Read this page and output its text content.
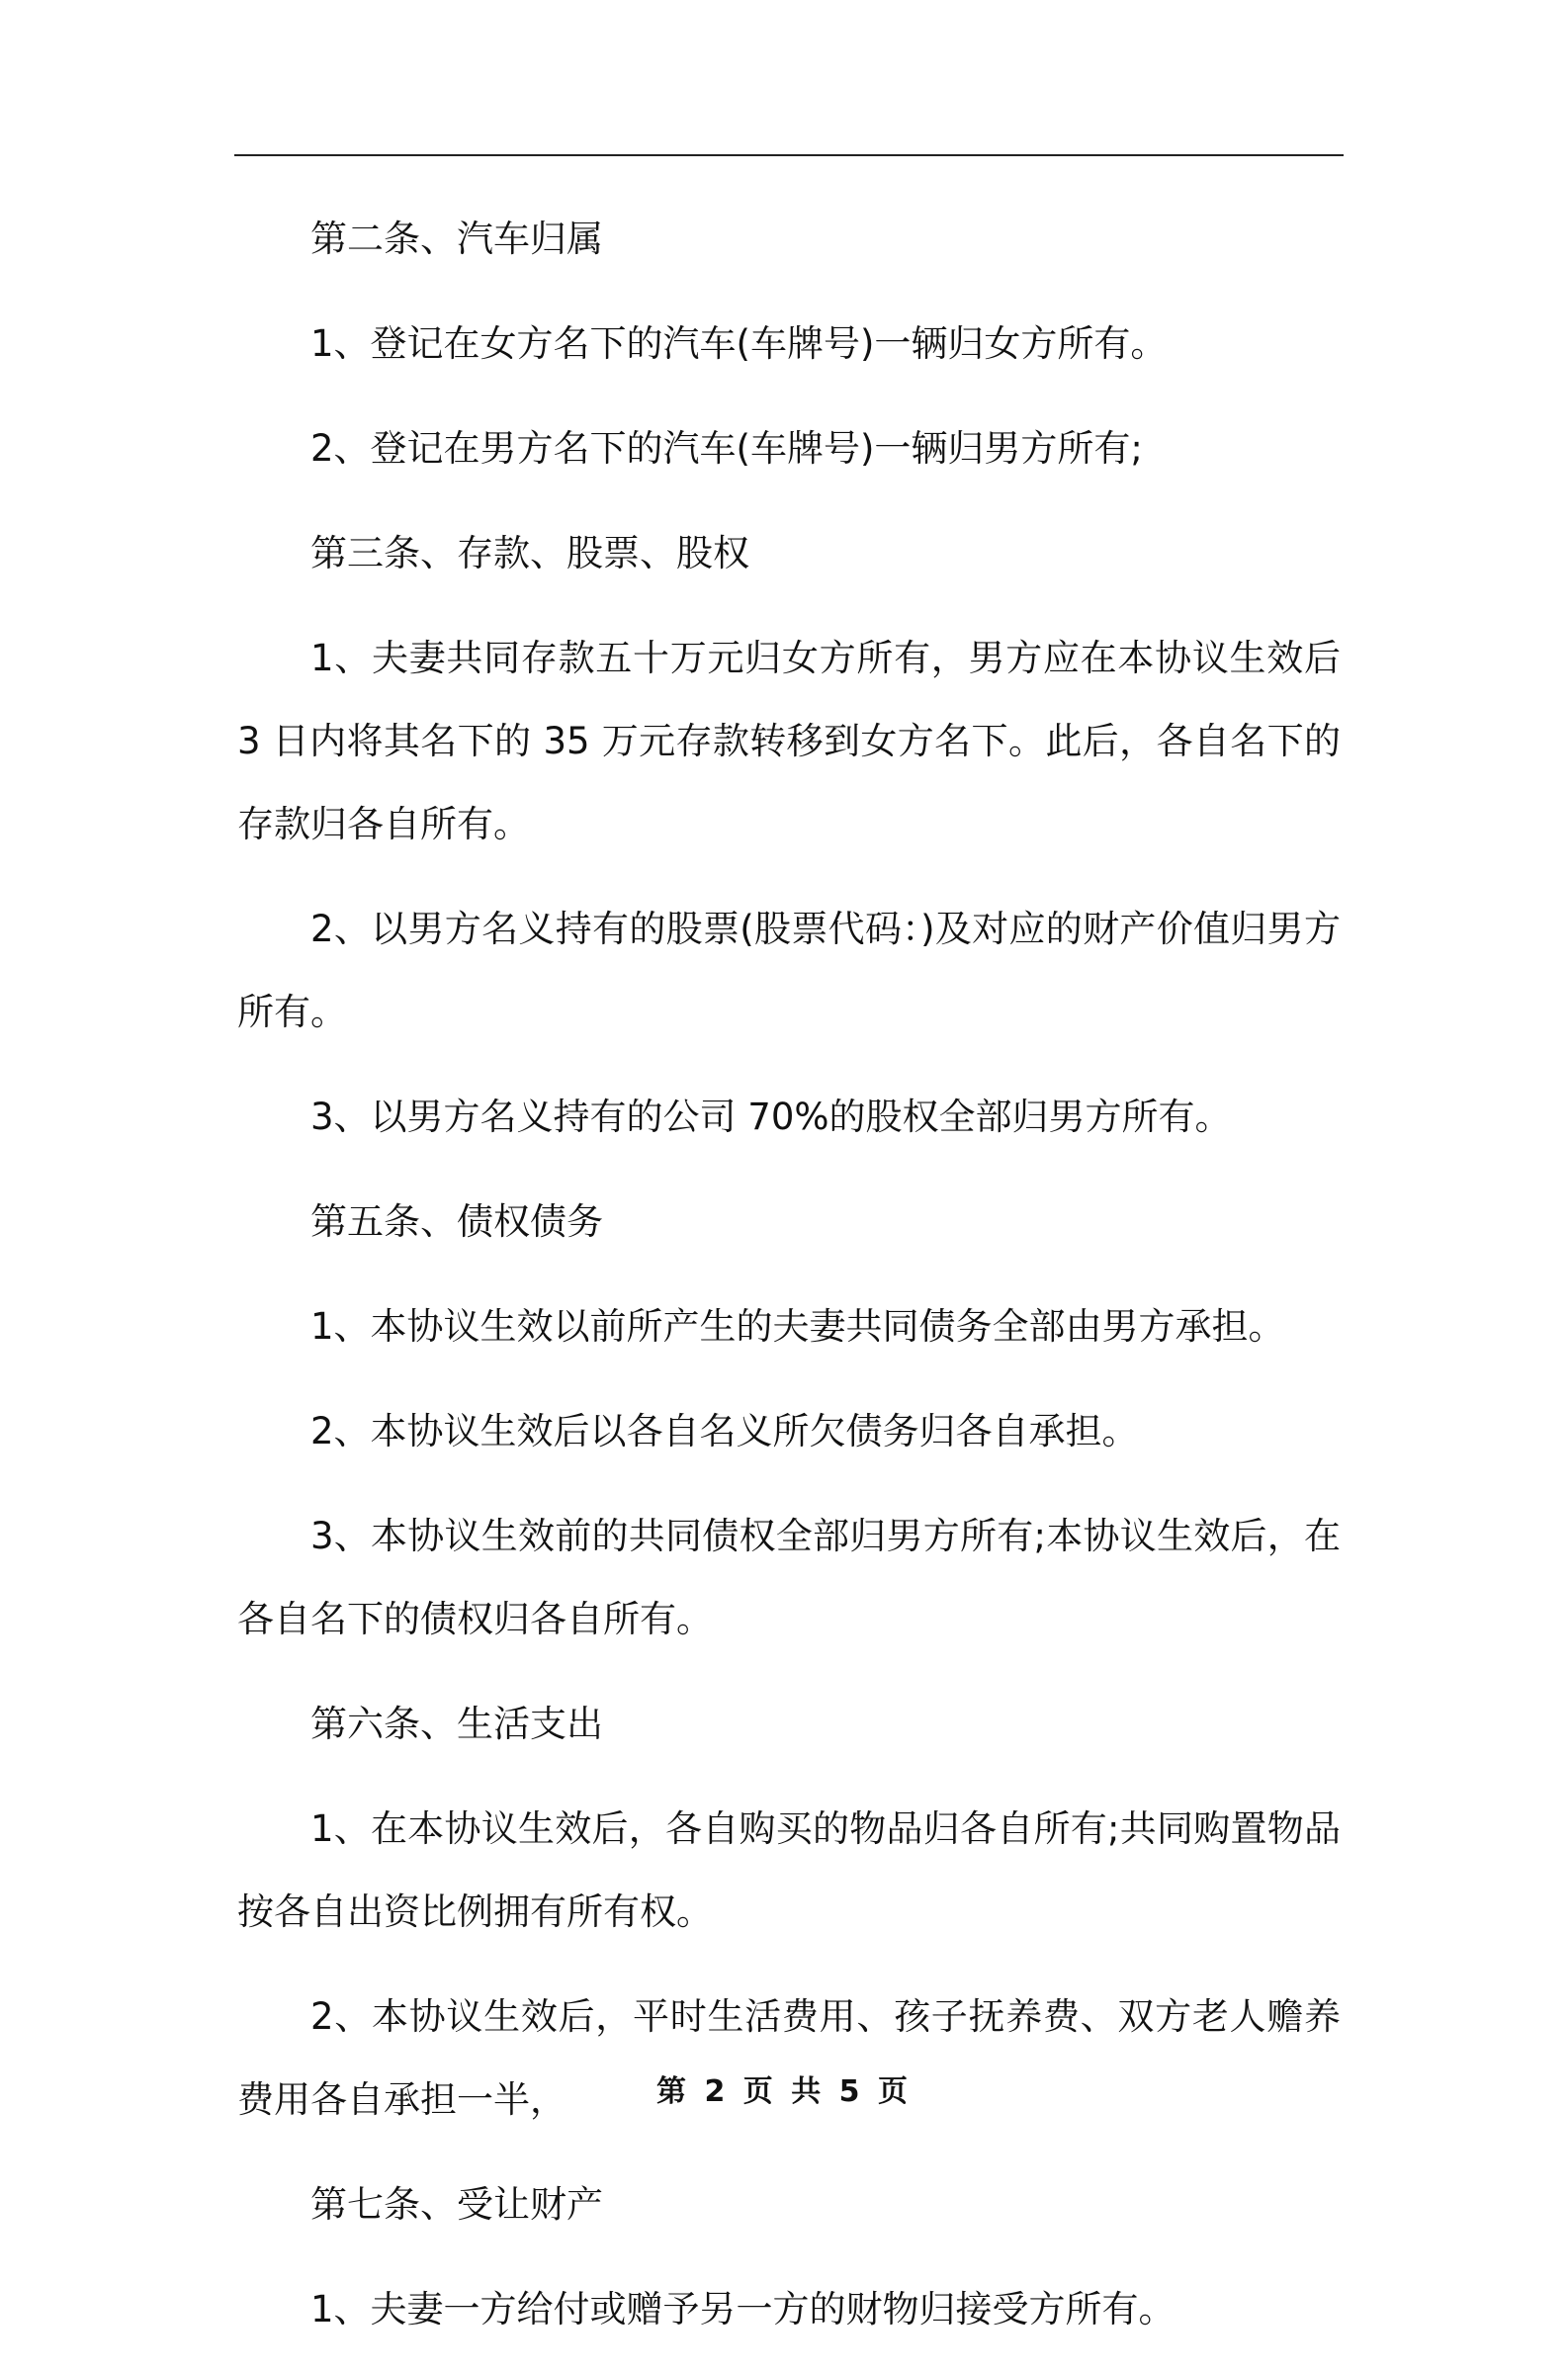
第二条、汽车归属

1、登记在女方名下的汽车(车牌号)一辆归女方所有。

2、登记在男方名下的汽车(车牌号)一辆归男方所有;

第三条、存款、股票、股权

1、夫妻共同存款五十万元归女方所有，男方应在本协议生效后 3 日内将其名下的 35 万元存款转移到女方名下。此后，各自名下的存款归各自所有。

2、以男方名义持有的股票(股票代码：)及对应的财产价值归男方所有。

3、以男方名义持有的公司 70%的股权全部归男方所有。

第五条、债权债务

1、本协议生效以前所产生的夫妻共同债务全部由男方承担。

2、本协议生效后以各自名义所欠债务归各自承担。

3、本协议生效前的共同债权全部归男方所有;本协议生效后，在各自名下的债权归各自所有。

第六条、生活支出

1、在本协议生效后，各自购买的物品归各自所有;共同购置物品按各自出资比例拥有所有权。

2、本协议生效后，平时生活费用、孩子抚养费、双方老人赡养费用各自承担一半，

第七条、受让财产

1、夫妻一方给付或赠予另一方的财物归接受方所有。

第 2 页 共 5 页
